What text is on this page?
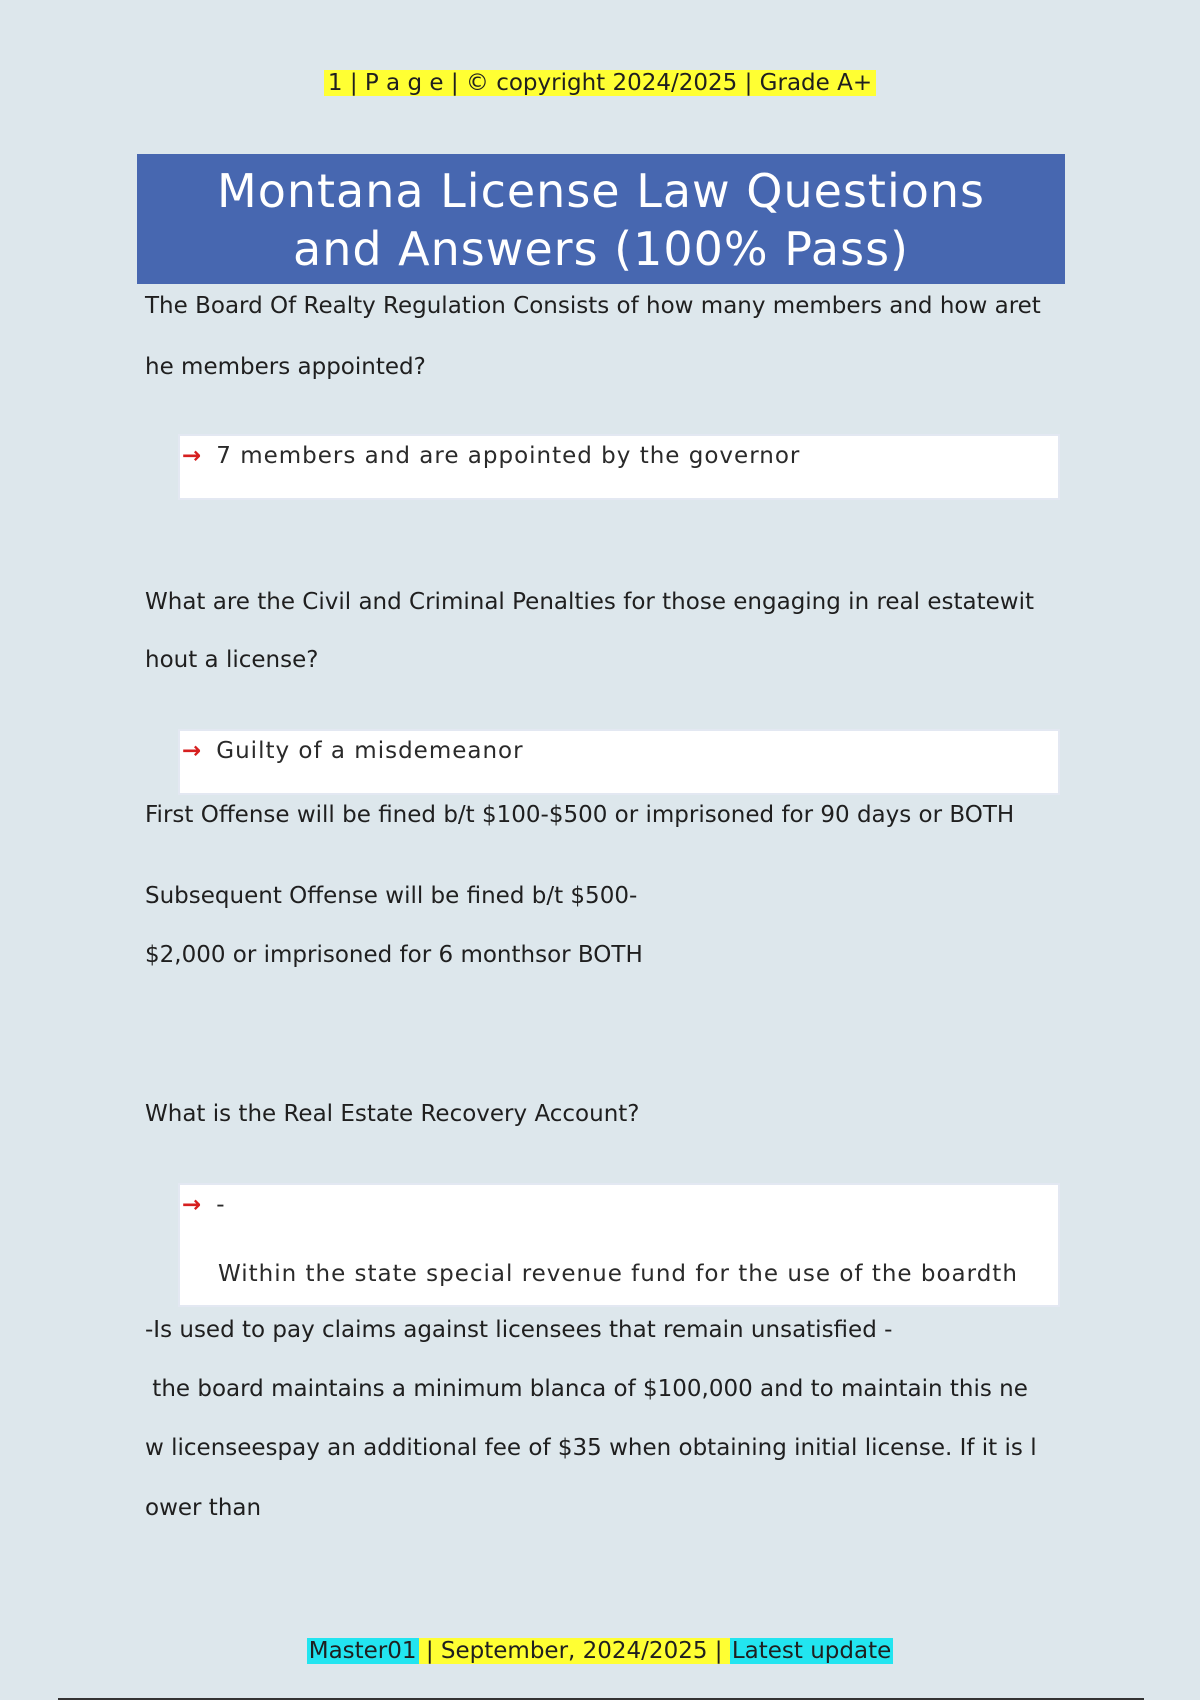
1 | P a g e | © copyright 2024/2025 | Grade A+
Montana License Law Questions
and Answers (100% Pass)
The Board Of Realty Regulation Consists of how many members and how aret
he members appointed?
→ 7 members and are appointed by the governor
What are the Civil and Criminal Penalties for those engaging in real estatewit
hout a license?
→ Guilty of a misdemeanor
First Offense will be fined b/t $100-$500 or imprisoned for 90 days or BOTH
Subsequent Offense will be fined b/t $500-
$2,000 or imprisoned for 6 monthsor BOTH
What is the Real Estate Recovery Account?
→ -
Within the state special revenue fund for the use of the boardth
-Is used to pay claims against licensees that remain unsatisfied -
the board maintains a minimum blanca of $100,000 and to maintain this ne
w licenseespay an additional fee of $35 when obtaining initial license. If it is l
ower than
Master01 | September, 2024/2025 | Latest update
